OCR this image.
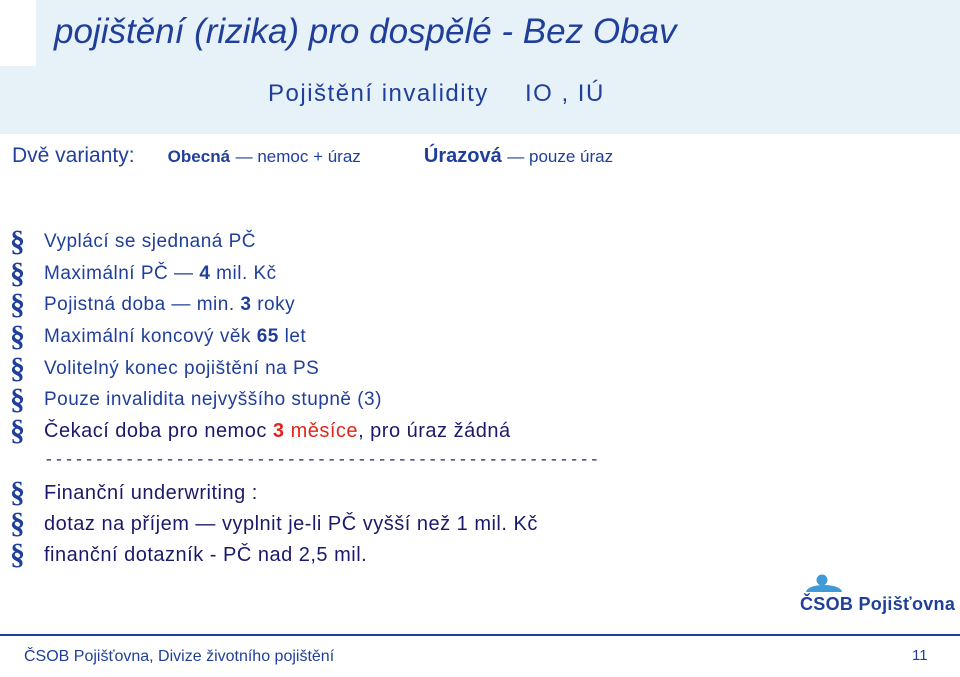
pojištění (rizika) pro dospělé - Bez Obav
Pojištění invalidity IO , IÚ
Dvě varianty: Obecná — nemoc + úraz	Úrazová — pouze úraz
§ Vyplácí se sjednaná PČ
§ Maximální PČ — 4 mil. Kč
§ Pojistná doba — min. 3 roky
§ Maximální koncový věk 65 let
§ Volitelný konec pojištění na PS
§ Pouze invalidita nejvyššího stupně (3)
§ Čekací doba pro nemoc 3 měsíce, pro úraz žádná
-------------------------------------------------------
§ Finanční underwriting :
§ dotaz na příjem — vyplnit je-li PČ vyšší než 1 mil. Kč
§ finanční dotazník - PČ nad 2,5 mil.
ČSOB Pojišťovna
ČSOB Pojišťovna, Divize životního pojištění	11
